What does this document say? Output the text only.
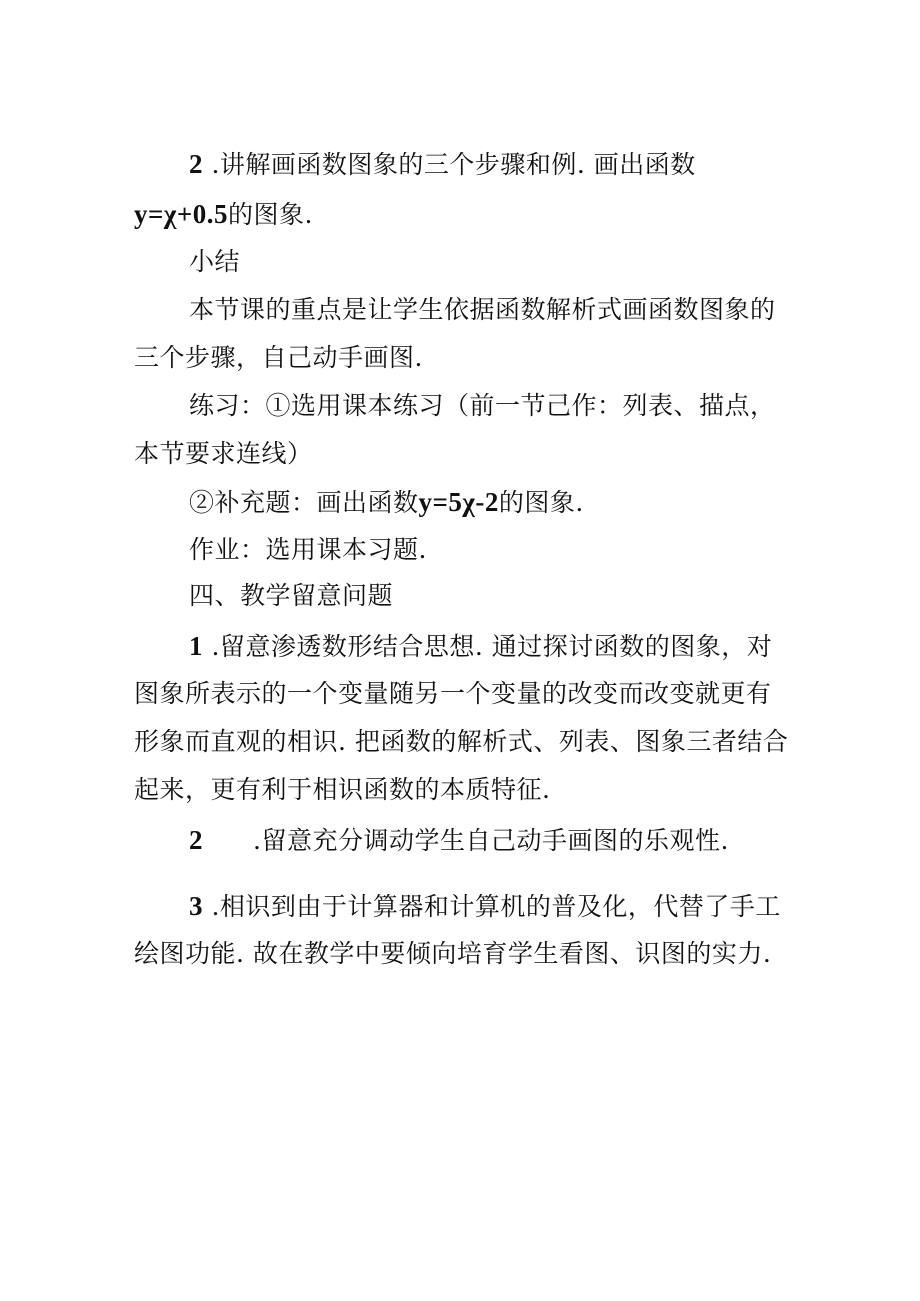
2 .讲解画函数图象的三个步骤和例. 画出函数
y=χ+0.5的图象.
小结
本节课的重点是让学生依据函数解析式画函数图象的
三个步骤，自己动手画图.
练习：①选用课本练习（前一节己作：列表、描点，
本节要求连线）
②补充题：画出函数y=5χ-2的图象.
作业：选用课本习题.
四、教学留意问题
1 .留意渗透数形结合思想. 通过探讨函数的图象，对
图象所表示的一个变量随另一个变量的改变而改变就更有
形象而直观的相识. 把函数的解析式、列表、图象三者结合
起来，更有利于相识函数的本质特征.
2 .留意充分调动学生自己动手画图的乐观性.
3 .相识到由于计算器和计算机的普及化，代替了手工
绘图功能. 故在教学中要倾向培育学生看图、识图的实力.
